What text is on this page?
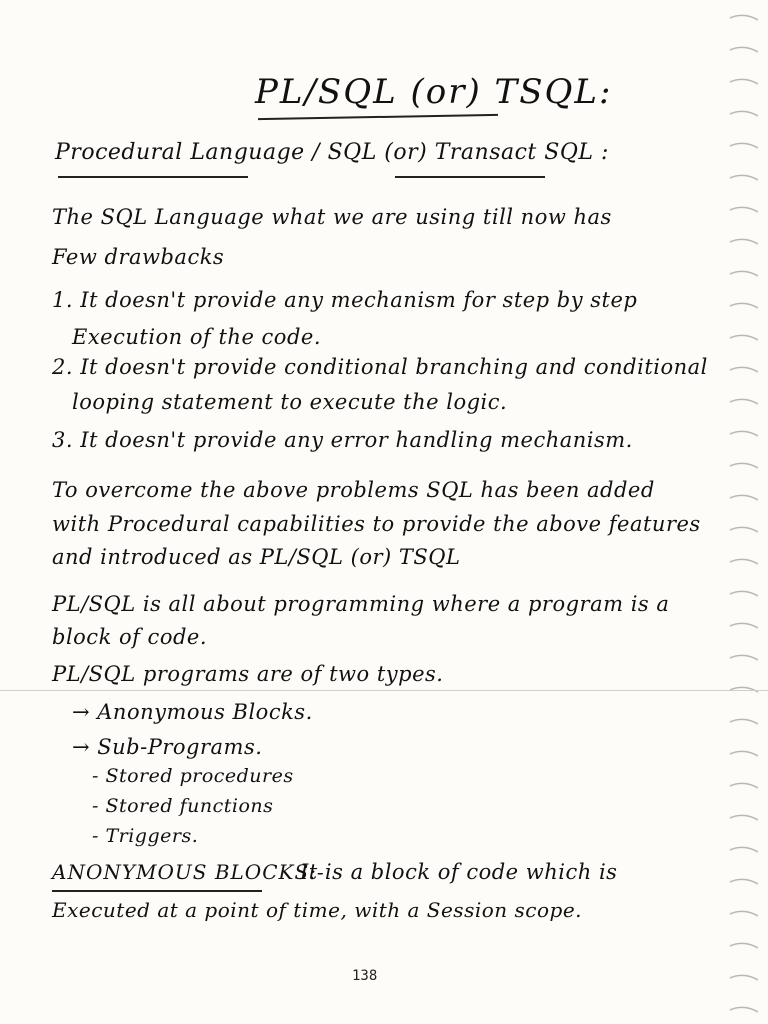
PL/SQL (or) TSQL:
Procedural Language / SQL (or) Transact SQL :
The SQL Language what we are using till now has
Few drawbacks
1. It doesn't provide any mechanism for step by step
Execution of the code.
2. It doesn't provide conditional branching and conditional
looping statement to execute the logic.
3. It doesn't provide any error handling mechanism.
To overcome the above problems SQL has been added
with Procedural capabilities to provide the above features
and introduced as PL/SQL (or) TSQL
PL/SQL is all about programming where a program is a
block of code.
PL/SQL programs are of two types.
→ Anonymous Blocks.
→ Sub-Programs.
- Stored procedures
- Stored functions
- Triggers.
ANONYMOUS BLOCKS:-
It is a block of code which is
Executed at a point of time, with a Session scope.
138
